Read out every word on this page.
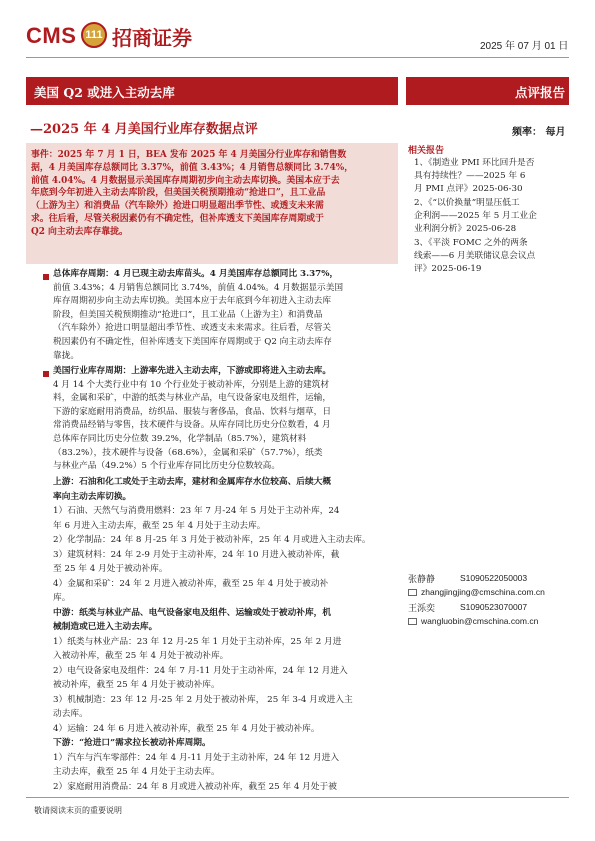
CMS 111 招商证券	2025 年 07 月 01 日
美国 Q2 或进入主动去库	点评报告
—2025 年 4 月美国行业库存数据点评	频率： 每月
事件：2025 年 7 月 1 日，BEA 发布 2025 年 4 月美国分行业库存和销售数
据，4 月美国库存总额同比 3.37%，前值 3.43%；4 月销售总额同比 3.74%，
前值 4.04%。4 月数据显示美国库存周期初步向主动去库切换。美国本应于去
年底到今年初进入主动去库阶段，但美国关税预期推动“抢进口”，且工业品
（上游为主）和消费品（汽车除外）抢进口明显超出季节性、或透支未来需
求。往后看，尽管关税因素仍有不确定性，但补库透支下美国库存周期或于
Q2 向主动去库存靠拢。
总体库存周期：4 月已现主动去库苗头。4 月美国库存总额同比 3.37%，
前值 3.43%；4 月销售总额同比 3.74%，前值 4.04%。4 月数据显示美国
库存周期初步向主动去库切换。美国本应于去年底到今年初进入主动去库
阶段，但美国关税预期推动“抢进口”，且工业品（上游为主）和消费品
（汽车除外）抢进口明显超出季节性、或透支未来需求。往后看，尽管关
税因素仍有不确定性，但补库透支下美国库存周期或于 Q2 向主动去库存
靠拢。
美国行业库存周期：上游率先进入主动去库，下游或即将进入主动去库。
4 月 14 个大类行业中有 10 个行业处于被动补库，分别是上游的建筑材
料，金属和采矿，中游的纸类与林业产品，电气设备家电及组件，运输，
下游的家庭耐用消费品，纺织品、服装与奢侈品，食品、饮料与烟草，日
常消费品经销与零售，技术硬件与设备。从库存同比历史分位数看，4 月
总体库存同比历史分位数 39.2%，化学制品（85.7%），建筑材料
（83.2%），技术硬件与设备（68.6%），金属和采矿（57.7%），纸类
与林业产品（49.2%）5 个行业库存同比历史分位数较高。
上游：石油和化工或处于主动去库，建材和金属库存水位较高、后续大概
率向主动去库切换。
1）石油、天然气与消费用燃料：23 年 7 月-24 年 5 月处于主动补库，24
年 6 月进入主动去库，截至 25 年 4 月处于主动去库。
2）化学制品：24 年 8 月-25 年 3 月处于被动补库，25 年 4 月或进入主动去库。
3）建筑材料：24 年 2-9 月处于主动补库，24 年 10 月进入被动补库，截
至 25 年 4 月处于被动补库。
4）金属和采矿：24 年 2 月进入被动补库，截至 25 年 4 月处于被动补
库。
中游：纸类与林业产品、电气设备家电及组件、运输或处于被动补库，机
械制造或已进入主动去库。
1）纸类与林业产品：23 年 12 月-25 年 1 月处于主动补库，25 年 2 月进
入被动补库，截至 25 年 4 月处于被动补库。
2）电气设备家电及组件：24 年 7 月-11 月处于主动补库，24 年 12 月进入
被动补库，截至 25 年 4 月处于被动补库。
3）机械制造：23 年 12 月-25 年 2 月处于被动补库， 25 年 3-4 月或进入主
动去库。
4）运输：24 年 6 月进入被动补库，截至 25 年 4 月处于被动补库。
下游：“抢进口”需求拉长被动补库周期。
1）汽车与汽车零部件：24 年 4 月-11 月处于主动补库，24 年 12 月进入
主动去库，截至 25 年 4 月处于主动去库。
2）家庭耐用消费品：24 年 8 月或进入被动补库，截至 25 年 4 月处于被
相关报告
1、《制造业 PMI 环比回升是否
具有持续性？——2025 年 6
月 PMI 点评》2025-06-30
2、《“以价换量”明显压低工
企利润——2025 年 5 月工业企
业利润分析》2025-06-28
3、《平淡 FOMC 之外的两条
线索——6 月美联储议息会议点
评》2025-06-19
张静静	S1090522050003
zhangjingjing@cmschina.com.cn
王泺奕	S1090523070007
wangluobin@cmschina.com.cn
敬请阅读末页的重要说明
